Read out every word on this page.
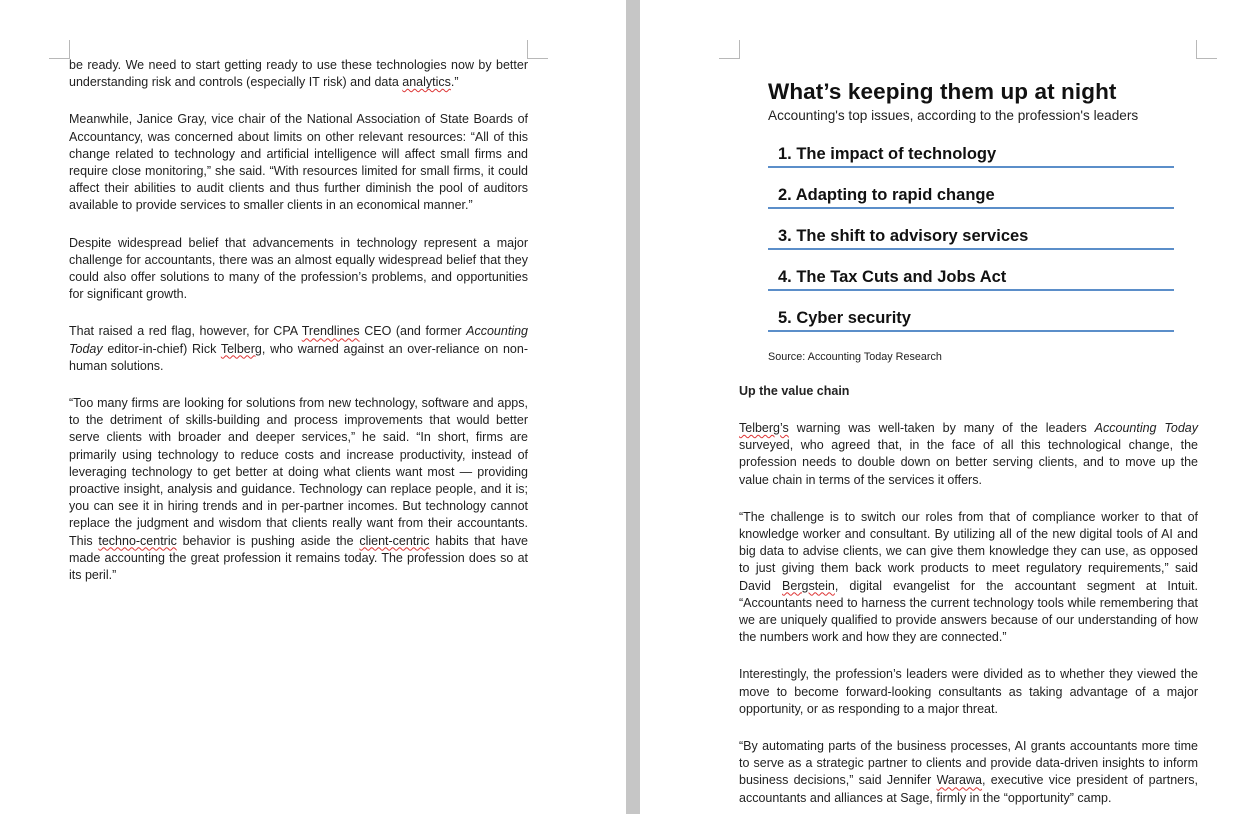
be ready. We need to start getting ready to use these technologies now by better understanding risk and controls (especially IT risk) and data analytics.”

Meanwhile, Janice Gray, vice chair of the National Association of State Boards of Accountancy, was concerned about limits on other relevant resources: “All of this change related to technology and artificial intelligence will affect small firms and require close monitoring,” she said. “With resources limited for small firms, it could affect their abilities to audit clients and thus further diminish the pool of auditors available to provide services to smaller clients in an economical manner.”

Despite widespread belief that advancements in technology represent a major challenge for accountants, there was an almost equally widespread belief that they could also offer solutions to many of the profession’s problems, and opportunities for significant growth.

That raised a red flag, however, for CPA Trendlines CEO (and former Accounting Today editor-in-chief) Rick Telberg, who warned against an over-reliance on non-human solutions.

“Too many firms are looking for solutions from new technology, software and apps, to the detriment of skills-building and process improvements that would better serve clients with broader and deeper services,” he said. “In short, firms are primarily using technology to reduce costs and increase productivity, instead of leveraging technology to get better at doing what clients want most — providing proactive insight, analysis and guidance. Technology can replace people, and it is; you can see it in hiring trends and in per-partner incomes. But technology cannot replace the judgment and wisdom that clients really want from their accountants. This techno-centric behavior is pushing aside the client-centric habits that have made accounting the great profession it remains today. The profession does so at its peril.”

What’s keeping them up at night
Accounting's top issues, according to the profession's leaders
1. The impact of technology
2. Adapting to rapid change
3. The shift to advisory services
4. The Tax Cuts and Jobs Act
5. Cyber security
Source: Accounting Today Research
Up the value chain

Telberg’s warning was well-taken by many of the leaders Accounting Today surveyed, who agreed that, in the face of all this technological change, the profession needs to double down on better serving clients, and to move up the value chain in terms of the services it offers.

“The challenge is to switch our roles from that of compliance worker to that of knowledge worker and consultant. By utilizing all of the new digital tools of AI and big data to advise clients, we can give them knowledge they can use, as opposed to just giving them back work products to meet regulatory requirements,” said David Bergstein, digital evangelist for the accountant segment at Intuit. “Accountants need to harness the current technology tools while remembering that we are uniquely qualified to provide answers because of our understanding of how the numbers work and how they are connected.”

Interestingly, the profession’s leaders were divided as to whether they viewed the move to become forward-looking consultants as taking advantage of a major opportunity, or as responding to a major threat.

“By automating parts of the business processes, AI grants accountants more time to serve as a strategic partner to clients and provide data-driven insights to inform business decisions,” said Jennifer Warawa, executive vice president of partners, accountants and alliances at Sage, firmly in the “opportunity” camp.
